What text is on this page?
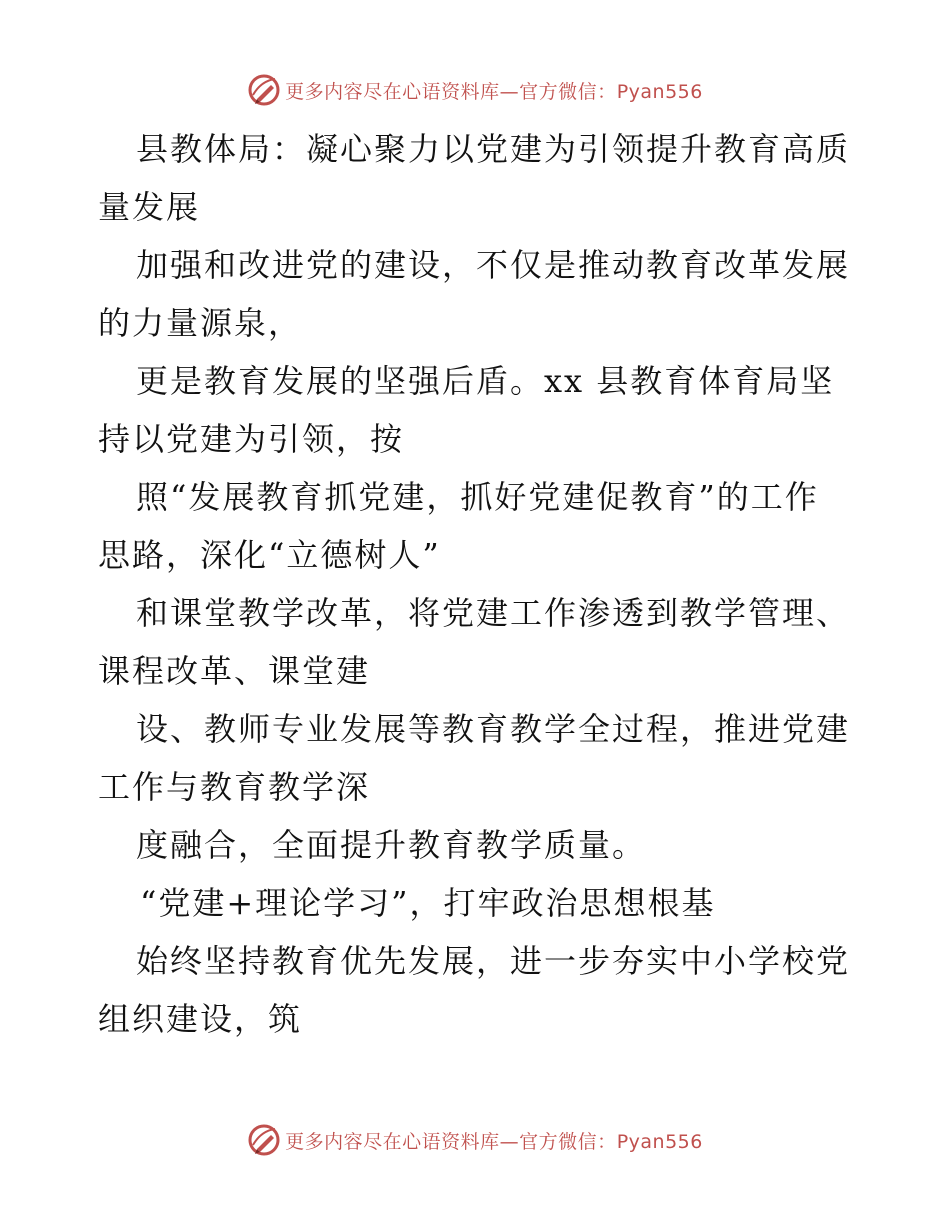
更多内容尽在心语资料库—官方微信：Pyan556
县教体局：凝心聚力以党建为引领提升教育高质
量发展
加强和改进党的建设，不仅是推动教育改革发展
的力量源泉，
更是教育发展的坚强后盾。xx 县教育体育局坚
持以党建为引领，按
照“发展教育抓党建，抓好党建促教育”的工作
思路，深化“立德树人”
和课堂教学改革，将党建工作渗透到教学管理、
课程改革、课堂建
设、教师专业发展等教育教学全过程，推进党建
工作与教育教学深
度融合，全面提升教育教学质量。
“党建+理论学习”，打牢政治思想根基
始终坚持教育优先发展，进一步夯实中小学校党
组织建设，筑
更多内容尽在心语资料库—官方微信：Pyan556
